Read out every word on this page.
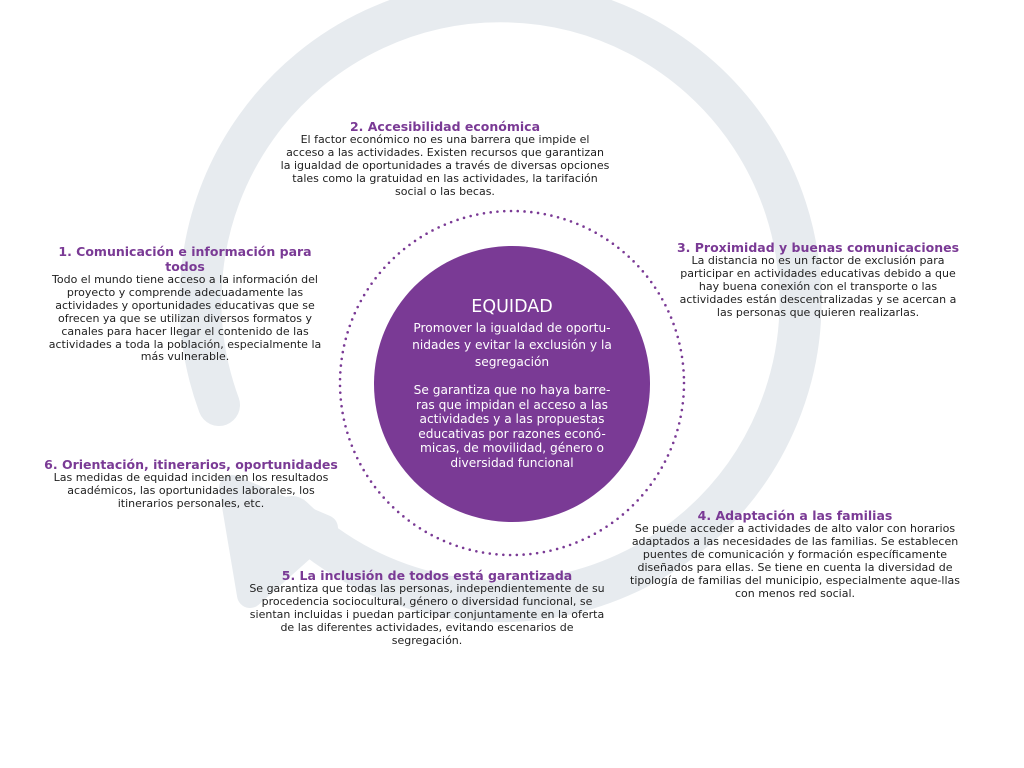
EQUIDAD
Promover la igualdad de oportu-nidades y evitar la exclusión y la segregación
Se garantiza que no haya barre-ras que impidan el acceso a las actividades y a las propuestas educativas por razones econó-micas, de movilidad, género o diversidad funcional
1. Comunicación e información para todos

Todo el mundo tiene acceso a la información del proyecto y comprende adecuadamente las actividades y oportunidades educativas que se ofrecen ya que se utilizan diversos formatos y canales para hacer llegar el contenido de las actividades a toda la población, especialmente la más vulnerable.

2. Accesibilidad económica

El factor económico no es una barrera que impide el acceso a las actividades. Existen recursos que garantizan la igualdad de oportunidades a través de diversas opciones tales como la gratuidad en las actividades, la tarifación social o las becas.

3. Proximidad y buenas comunicaciones

La distancia no es un factor de exclusión para participar en actividades educativas debido a que hay buena conexión con el transporte o las actividades están descentralizadas y se acercan a las personas que quieren realizarlas.

4. Adaptación a las familias

Se puede acceder a actividades de alto valor con horarios adaptados a las necesidades de las familias. Se establecen puentes de comunicación y formación específicamente diseñados para ellas. Se tiene en cuenta la diversidad de tipología de familias del municipio, especialmente aque-llas con menos red social.

5. La inclusión de todos está garantizada

Se garantiza que todas las personas, independientemente de su procedencia sociocultural, género o diversidad funcional, se sientan incluidas i puedan participar conjuntamente en la oferta de las diferentes actividades, evitando escenarios de segregación.

6. Orientación, itinerarios, oportunidades

Las medidas de equidad inciden en los resultados académicos, las oportunidades laborales, los itinerarios personales, etc.
